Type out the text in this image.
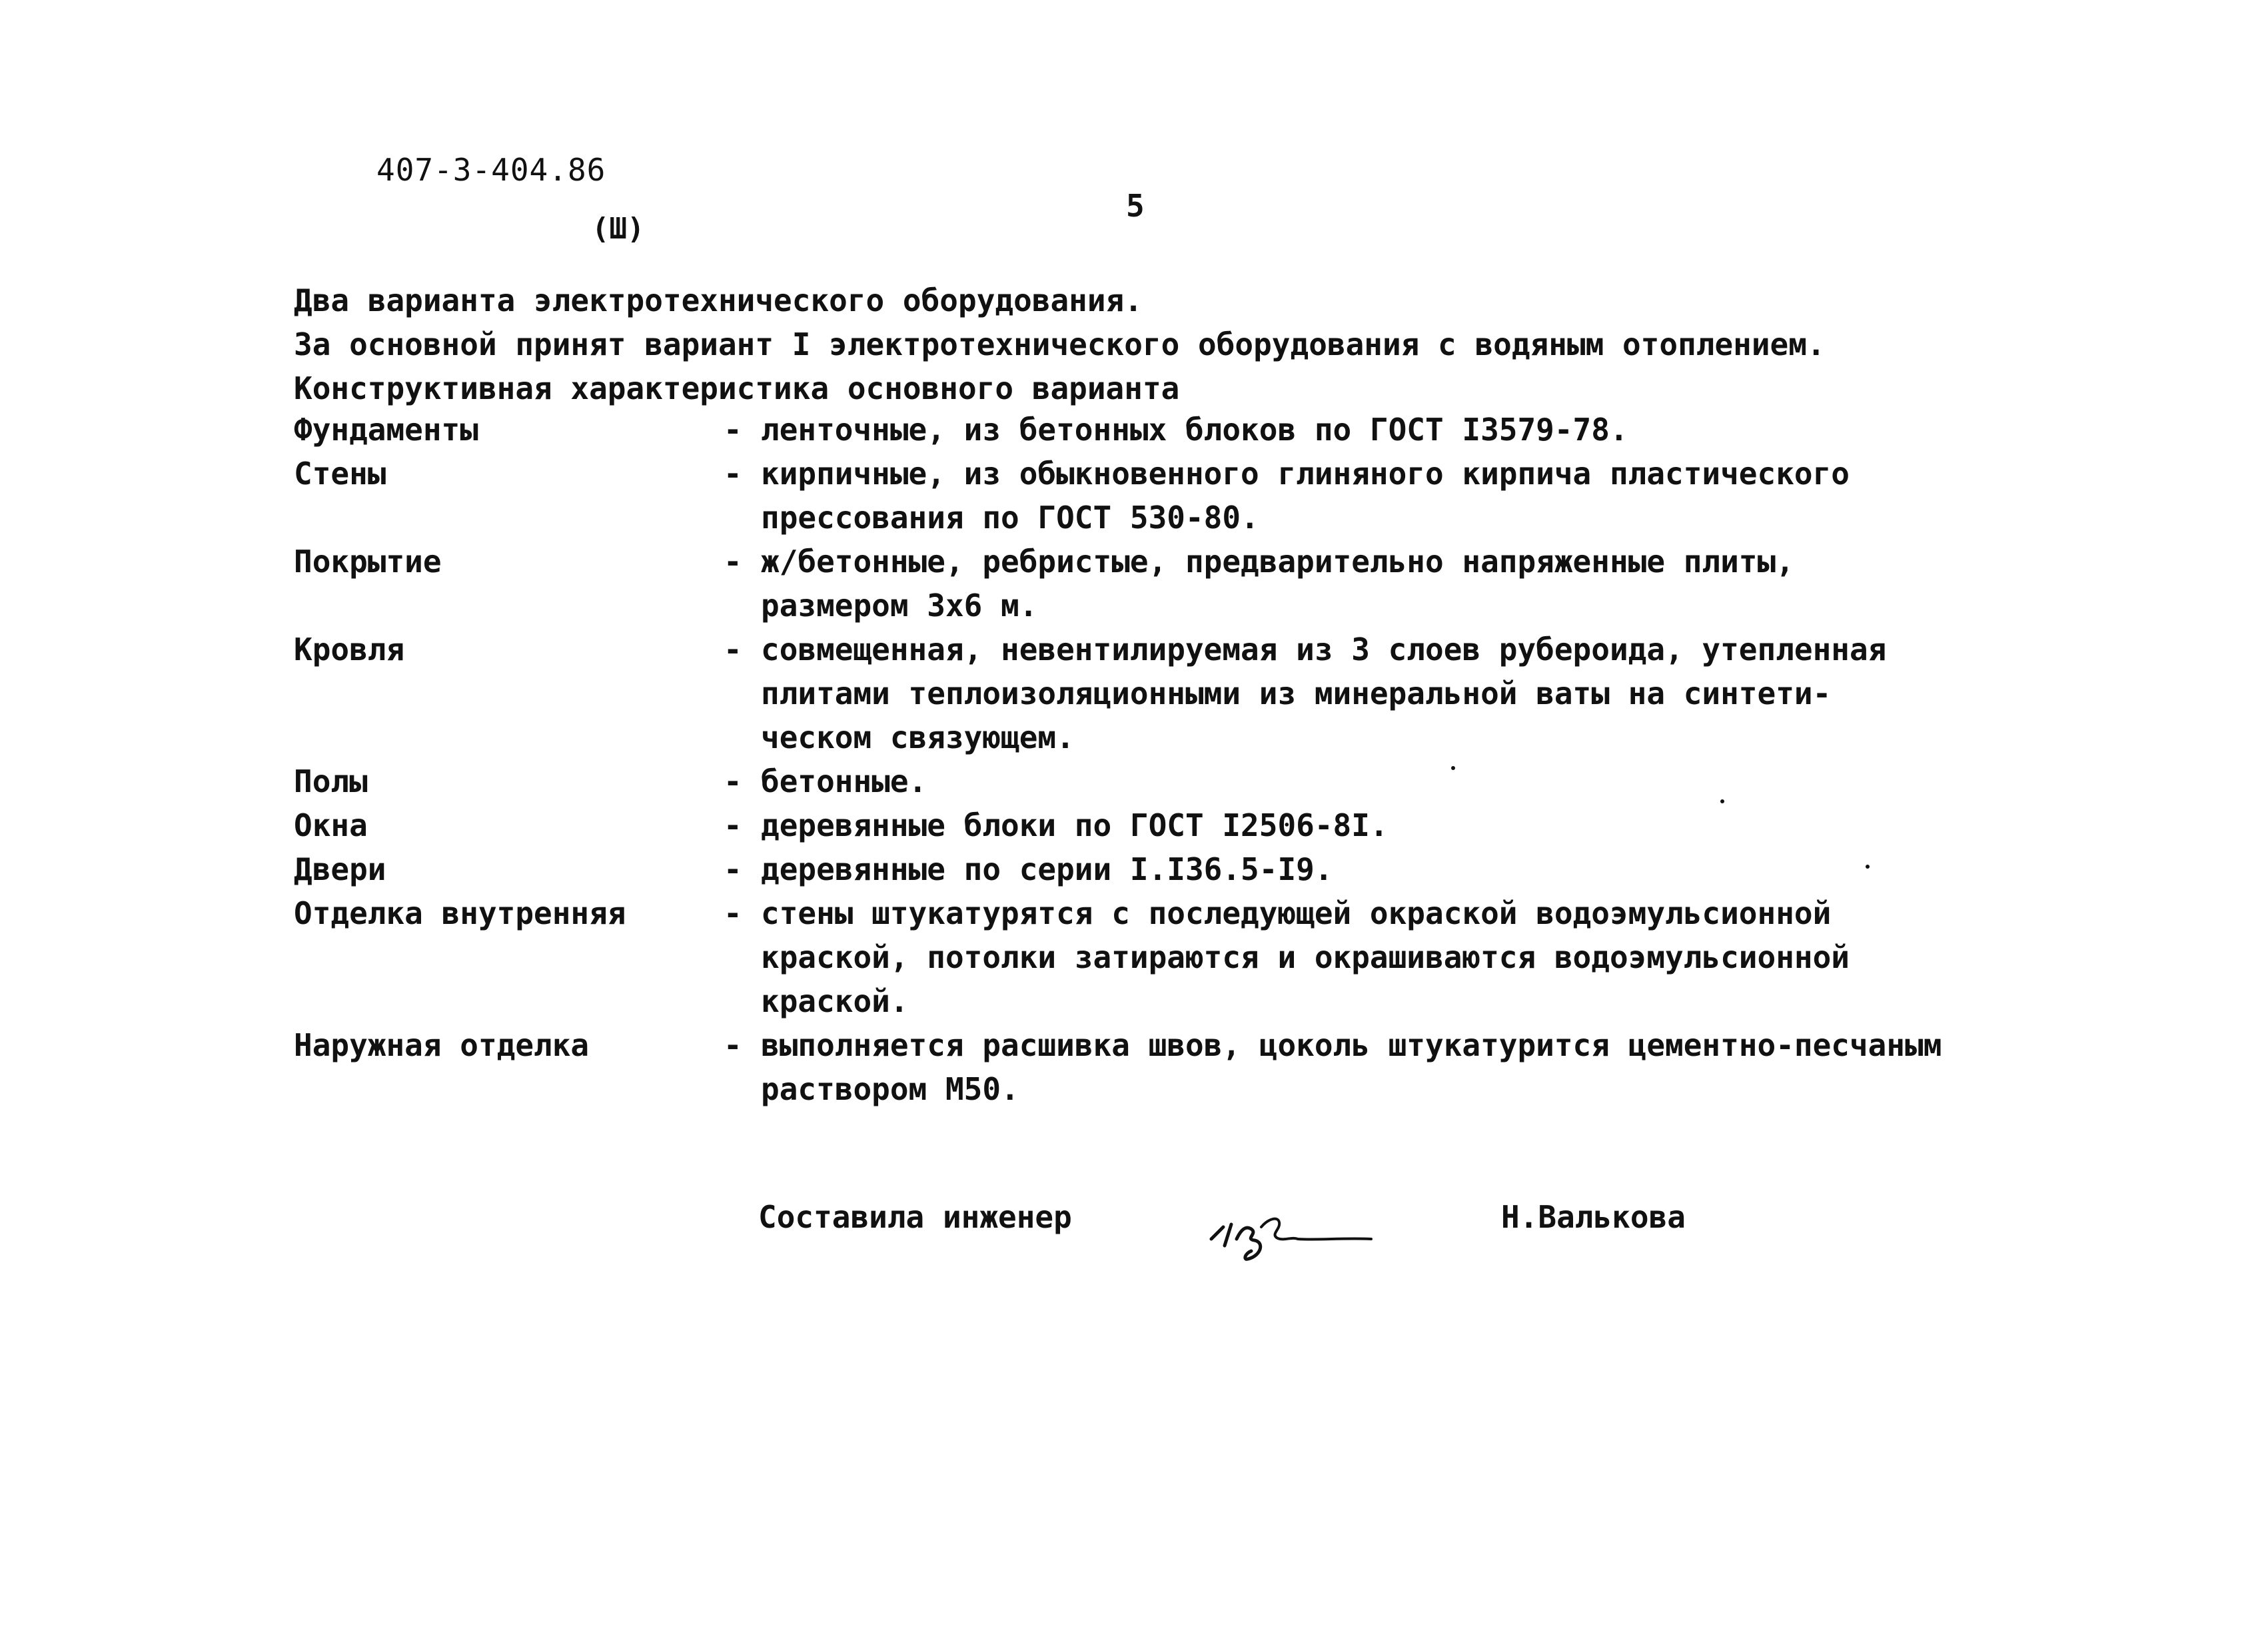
407-3-404.86
(Ш)
5
Два варианта электротехнического оборудования.
За основной принят вариант I электротехнического оборудования с водяным отоплением.
Конструктивная характеристика основного варианта
Фундаменты	- ленточные, из бетонных блоков по ГОСТ I3579-78.
Стены	- кирпичные, из обыкновенного глиняного кирпича пластического
прессования по ГОСТ 530-80.
Покрытие	- ж/бетонные, ребристые, предварительно напряженные плиты,
размером 3x6 м.
Кровля	- совмещенная, невентилируемая из 3 слоев рубероида, утепленная
плитами теплоизоляционными из минеральной ваты на синтети-
ческом связующем.
Полы	- бетонные.
Окна	- деревянные блоки по ГОСТ I2506-8I.
Двери	- деревянные по серии I.I36.5-I9.
Отделка внутренняя	- стены штукатурятся с последующей окраской водоэмульсионной
краской, потолки затираются и окрашиваются водоэмульсионной
краской.
Наружная отделка	- выполняется расшивка швов, цоколь штукатурится цементно-песчаным
раствором М50.
Составила инженер	Н.Валькова
